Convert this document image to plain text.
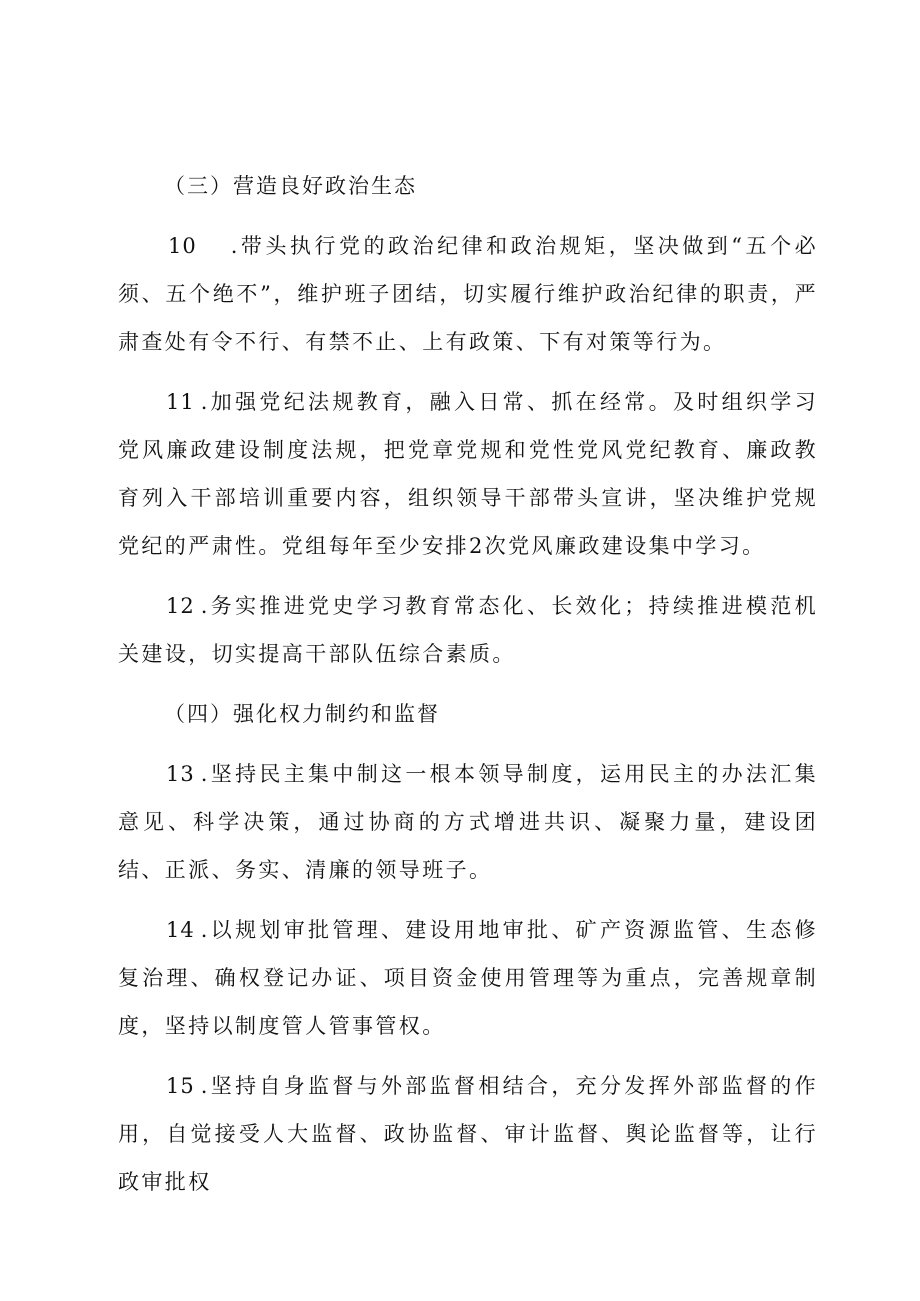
（三）营造良好政治生态

10 .带头执行党的政治纪律和政治规矩，坚决做到“五个必须、五个绝不”，维护班子团结，切实履行维护政治纪律的职责，严肃查处有令不行、有禁不止、上有政策、下有对策等行为。

11 .加强党纪法规教育，融入日常、抓在经常。及时组织学习党风廉政建设制度法规，把党章党规和党性党风党纪教育、廉政教育列入干部培训重要内容，组织领导干部带头宣讲，坚决维护党规党纪的严肃性。党组每年至少安排2次党风廉政建设集中学习。

12 .务实推进党史学习教育常态化、长效化；持续推进模范机关建设，切实提高干部队伍综合素质。

（四）强化权力制约和监督

13 .坚持民主集中制这一根本领导制度，运用民主的办法汇集意见、科学决策，通过协商的方式增进共识、凝聚力量，建设团结、正派、务实、清廉的领导班子。

14 .以规划审批管理、建设用地审批、矿产资源监管、生态修复治理、确权登记办证、项目资金使用管理等为重点，完善规章制度，坚持以制度管人管事管权。

15 .坚持自身监督与外部监督相结合，充分发挥外部监督的作用，自觉接受人大监督、政协监督、审计监督、舆论监督等，让行政审批权
